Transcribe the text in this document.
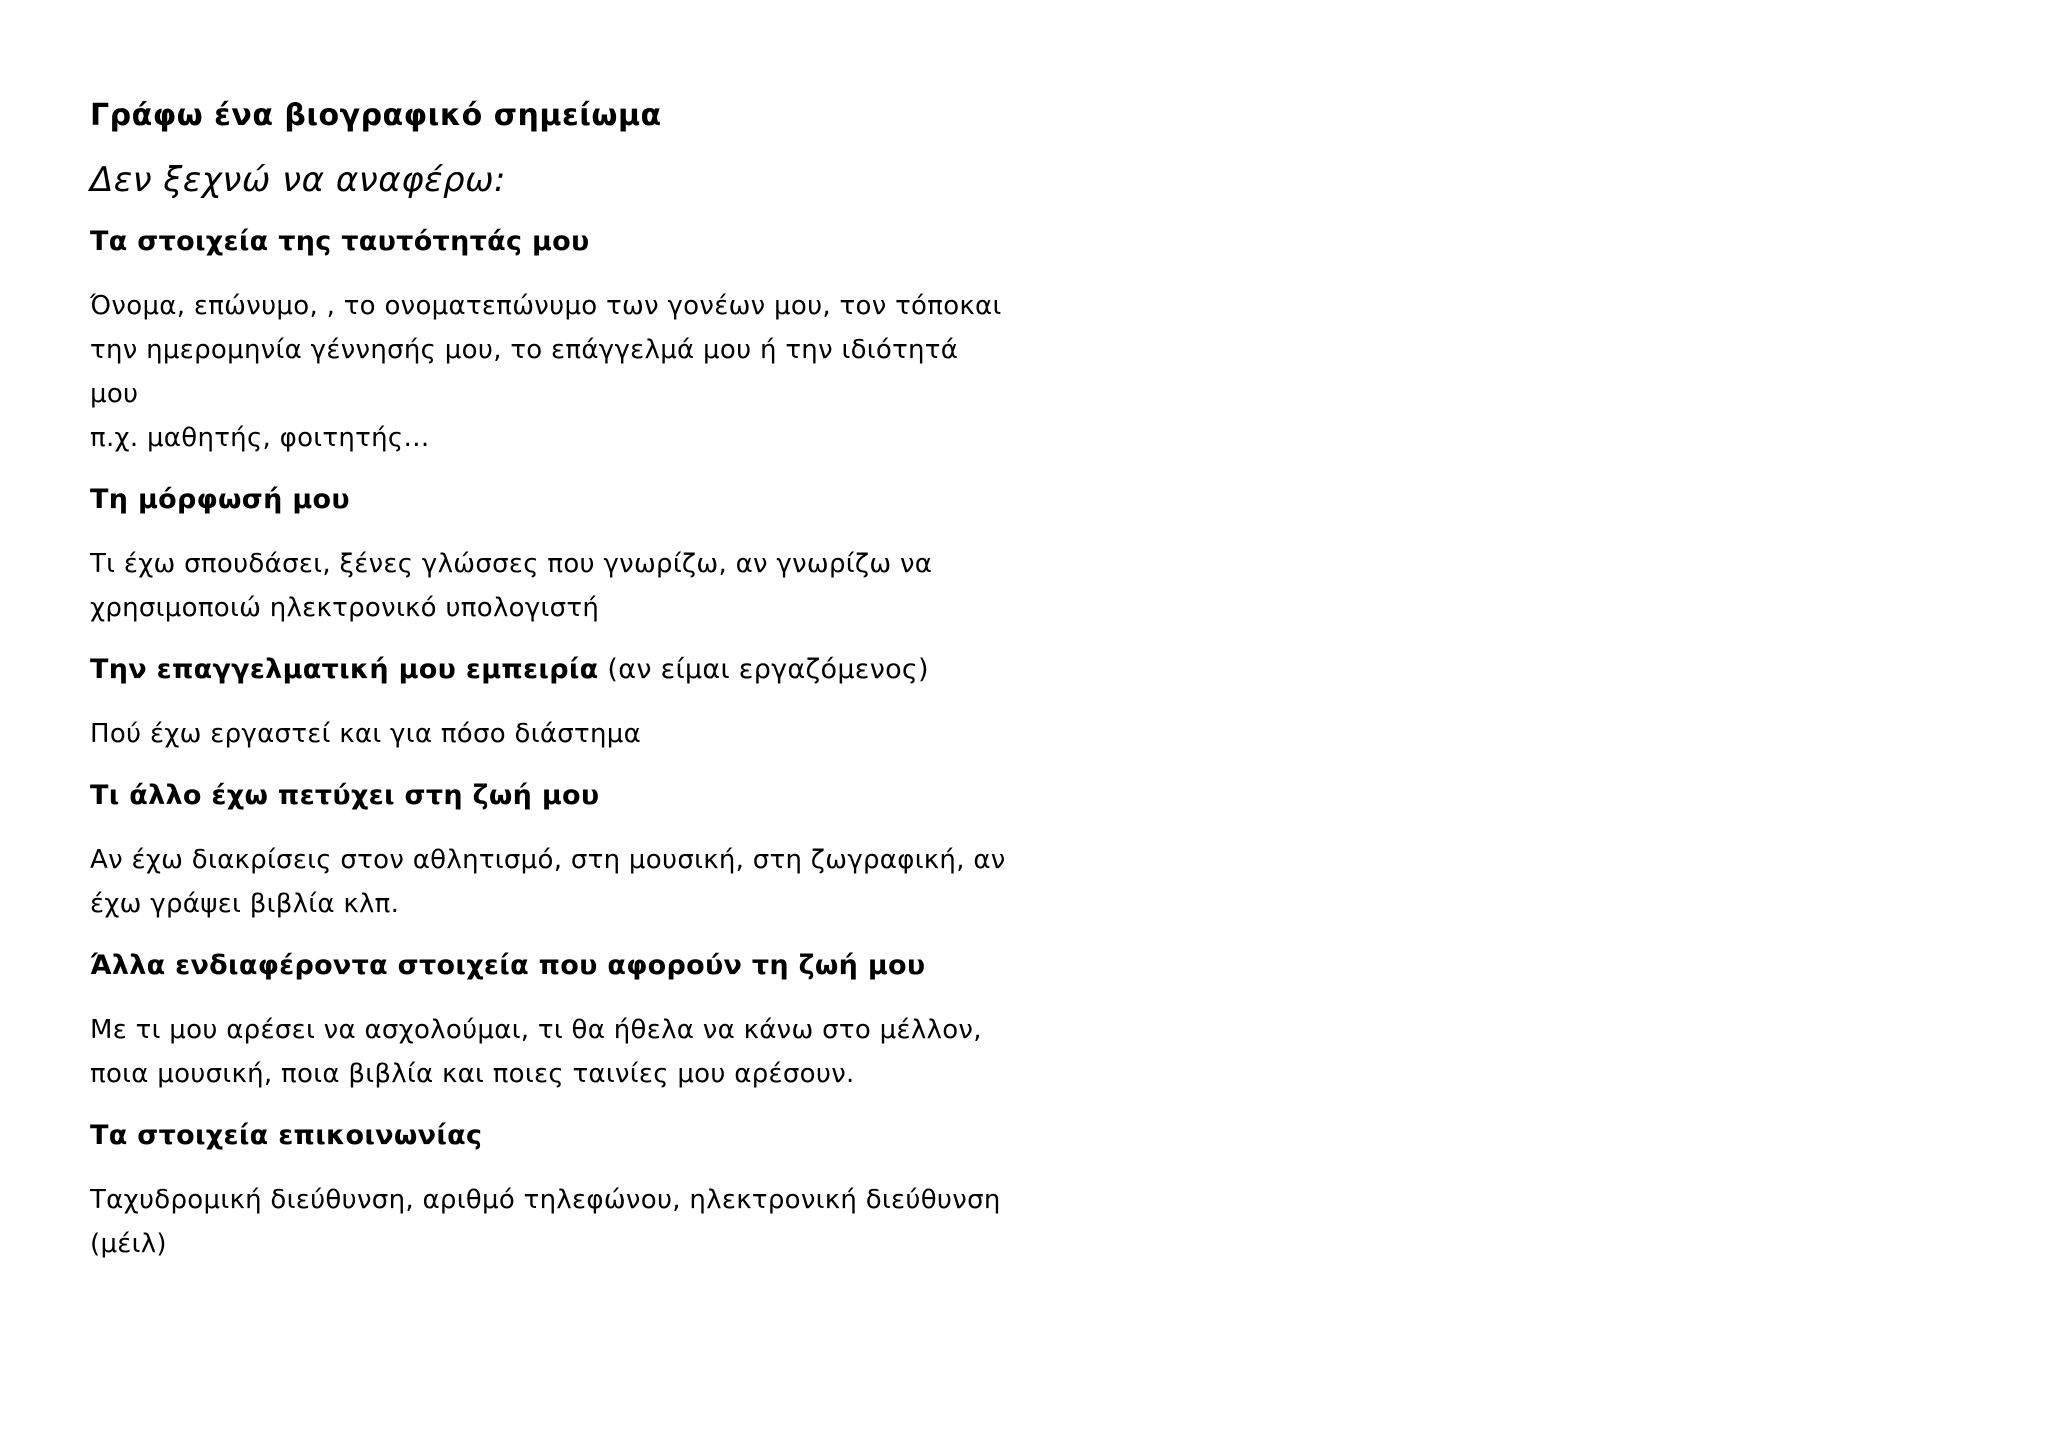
Γράφω ένα βιογραφικό σημείωμα
Δεν ξεχνώ να αναφέρω:
Τα στοιχεία της ταυτότητάς μου
Όνομα, επώνυμο, , το ονοματεπώνυμο των γονέων μου, τον τόποκαι
την ημερομηνία γέννησής μου, το επάγγελμά μου ή την ιδιότητά μου
π.χ. μαθητής, φοιτητής…
Τη μόρφωσή μου
Τι έχω σπουδάσει, ξένες γλώσσες που γνωρίζω, αν γνωρίζω να
χρησιμοποιώ ηλεκτρονικό υπολογιστή
Την επαγγελματική μου εμπειρία (αν είμαι εργαζόμενος)
Πού έχω εργαστεί και για πόσο διάστημα
Τι άλλο έχω πετύχει στη ζωή μου
Αν έχω διακρίσεις στον αθλητισμό, στη μουσική, στη ζωγραφική, αν
έχω γράψει βιβλία κλπ.
Άλλα ενδιαφέροντα στοιχεία που αφορούν τη ζωή μου
Με τι μου αρέσει να ασχολούμαι, τι θα ήθελα να κάνω στο μέλλον,
ποια μουσική, ποια βιβλία και ποιες ταινίες μου αρέσουν.
Τα στοιχεία επικοινωνίας
Ταχυδρομική διεύθυνση, αριθμό τηλεφώνου, ηλεκτρονική διεύθυνση
(μέιλ)
